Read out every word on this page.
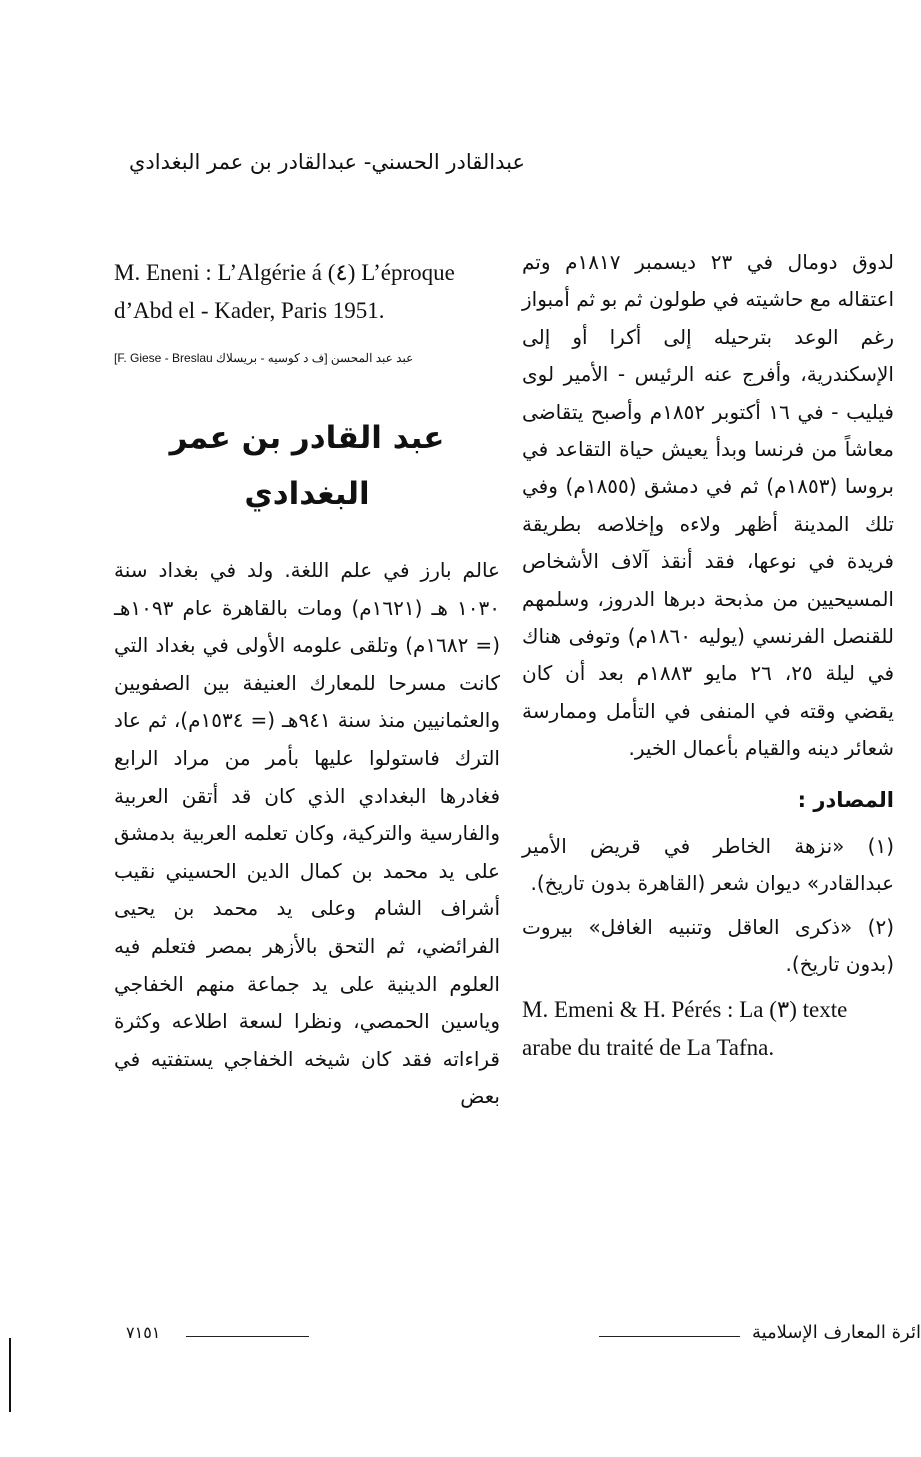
عبدالقادر الحسني- عبدالقادر بن عمر البغدادي

لدوق دومال في ٢٣ ديسمبر ١٨١٧م وتم اعتقاله مع حاشيته في طولون ثم بو ثم أمبواز رغم الوعد بترحيله إلى أكرا أو إلى الإسكندرية، وأفرج عنه الرئيس - الأمير لوى فيليب - في ١٦ أكتوبر ١٨٥٢م وأصبح يتقاضى معاشاً من فرنسا وبدأ يعيش حياة التقاعد في بروسا (١٨٥٣م) ثم في دمشق (١٨٥٥م) وفي تلك المدينة أظهر ولاءه وإخلاصه بطريقة فريدة في نوعها، فقد أنقذ آلاف الأشخاص المسيحيين من مذبحة دبرها الدروز، وسلمهم للقنصل الفرنسي (يوليه ١٨٦٠م) وتوفى هناك في ليلة ٢٥، ٢٦ مايو ١٨٨٣م بعد أن كان يقضي وقته في المنفى في التأمل وممارسة شعائر دينه والقيام بأعمال الخير.

المصادر :

(١) «نزهة الخاطر في قريض الأمير عبدالقادر» ديوان شعر (القاهرة بدون تاريخ).

(٢) «ذكرى العاقل وتنبيه الغافل» بيروت (بدون تاريخ).

M. Emeni & H. Pérés : La (٣) texte arabe du traité de La Tafna.

M. Eneni : L’Algérie á (٤) L’éproque d’Abd el - Kader, Paris 1951.

[F. Giese - Breslau عبد عبد المحسن [ف د كوسيه - بريسلاك

عبد القادر بن عمر البغدادي

عالم بارز في علم اللغة. ولد في بغداد سنة ١٠٣٠ هـ (١٦٢١م) ومات بالقاهرة عام ١٠٩٣هـ (= ١٦٨٢م) وتلقى علومه الأولى في بغداد التي كانت مسرحا للمعارك العنيفة بين الصفويين والعثمانيين منذ سنة ٩٤١هـ (= ١٥٣٤م)، ثم عاد الترك فاستولوا عليها بأمر من مراد الرابع فغادرها البغدادي الذي كان قد أتقن العربية والفارسية والتركية، وكان تعلمه العربية بدمشق على يد محمد بن كمال الدين الحسيني نقيب أشراف الشام وعلى يد محمد بن يحيى الفرائضي، ثم التحق بالأزهر بمصر فتعلم فيه العلوم الدينية على يد جماعة منهم الخفاجي وياسين الحمصي، ونظرا لسعة اطلاعه وكثرة قراءاته فقد كان شيخه الخفاجي يستفتيه في بعض

٧١٥١	ائرة المعارف الإسلامية
